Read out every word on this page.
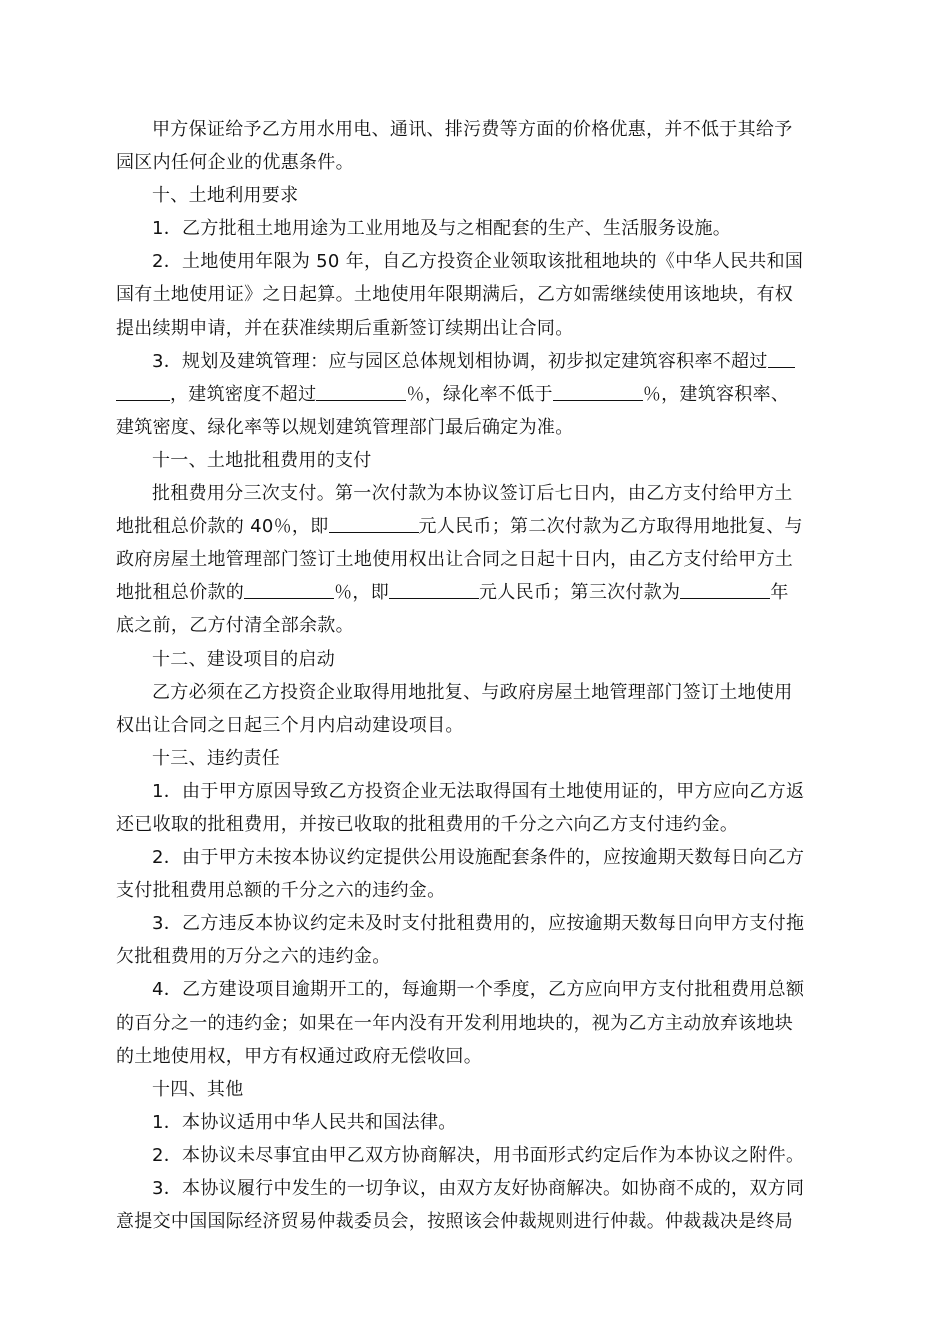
甲方保证给予乙方用水用电、通讯、排污费等方面的价格优惠，并不低于其给予
园区内任何企业的优惠条件。
十、土地利用要求
1．乙方批租土地用途为工业用地及与之相配套的生产、生活服务设施。
2．土地使用年限为 50 年，自乙方投资企业领取该批租地块的《中华人民共和国
国有土地使用证》之日起算。土地使用年限期满后，乙方如需继续使用该地块，有权
提出续期申请，并在获准续期后重新签订续期出让合同。
3．规划及建筑管理：应与园区总体规划相协调，初步拟定建筑容积率不超过
，建筑密度不超过	％，绿化率不低于	％，建筑容积率、
建筑密度、绿化率等以规划建筑管理部门最后确定为准。
十一、土地批租费用的支付
批租费用分三次支付。第一次付款为本协议签订后七日内，由乙方支付给甲方土
地批租总价款的 40％，即	元人民币；第二次付款为乙方取得用地批复、与
政府房屋土地管理部门签订土地使用权出让合同之日起十日内，由乙方支付给甲方土
地批租总价款的	％，即	元人民币；第三次付款为	年
底之前，乙方付清全部余款。
十二、建设项目的启动
乙方必须在乙方投资企业取得用地批复、与政府房屋土地管理部门签订土地使用
权出让合同之日起三个月内启动建设项目。
十三、违约责任
1．由于甲方原因导致乙方投资企业无法取得国有土地使用证的，甲方应向乙方返
还已收取的批租费用，并按已收取的批租费用的千分之六向乙方支付违约金。
2．由于甲方未按本协议约定提供公用设施配套条件的，应按逾期天数每日向乙方
支付批租费用总额的千分之六的违约金。
3．乙方违反本协议约定未及时支付批租费用的，应按逾期天数每日向甲方支付拖
欠批租费用的万分之六的违约金。
4．乙方建设项目逾期开工的，每逾期一个季度，乙方应向甲方支付批租费用总额
的百分之一的违约金；如果在一年内没有开发利用地块的，视为乙方主动放弃该地块
的土地使用权，甲方有权通过政府无偿收回。
十四、其他
1．本协议适用中华人民共和国法律。
2．本协议未尽事宜由甲乙双方协商解决，用书面形式约定后作为本协议之附件。
3．本协议履行中发生的一切争议，由双方友好协商解决。如协商不成的，双方同
意提交中国国际经济贸易仲裁委员会，按照该会仲裁规则进行仲裁。仲裁裁决是终局
